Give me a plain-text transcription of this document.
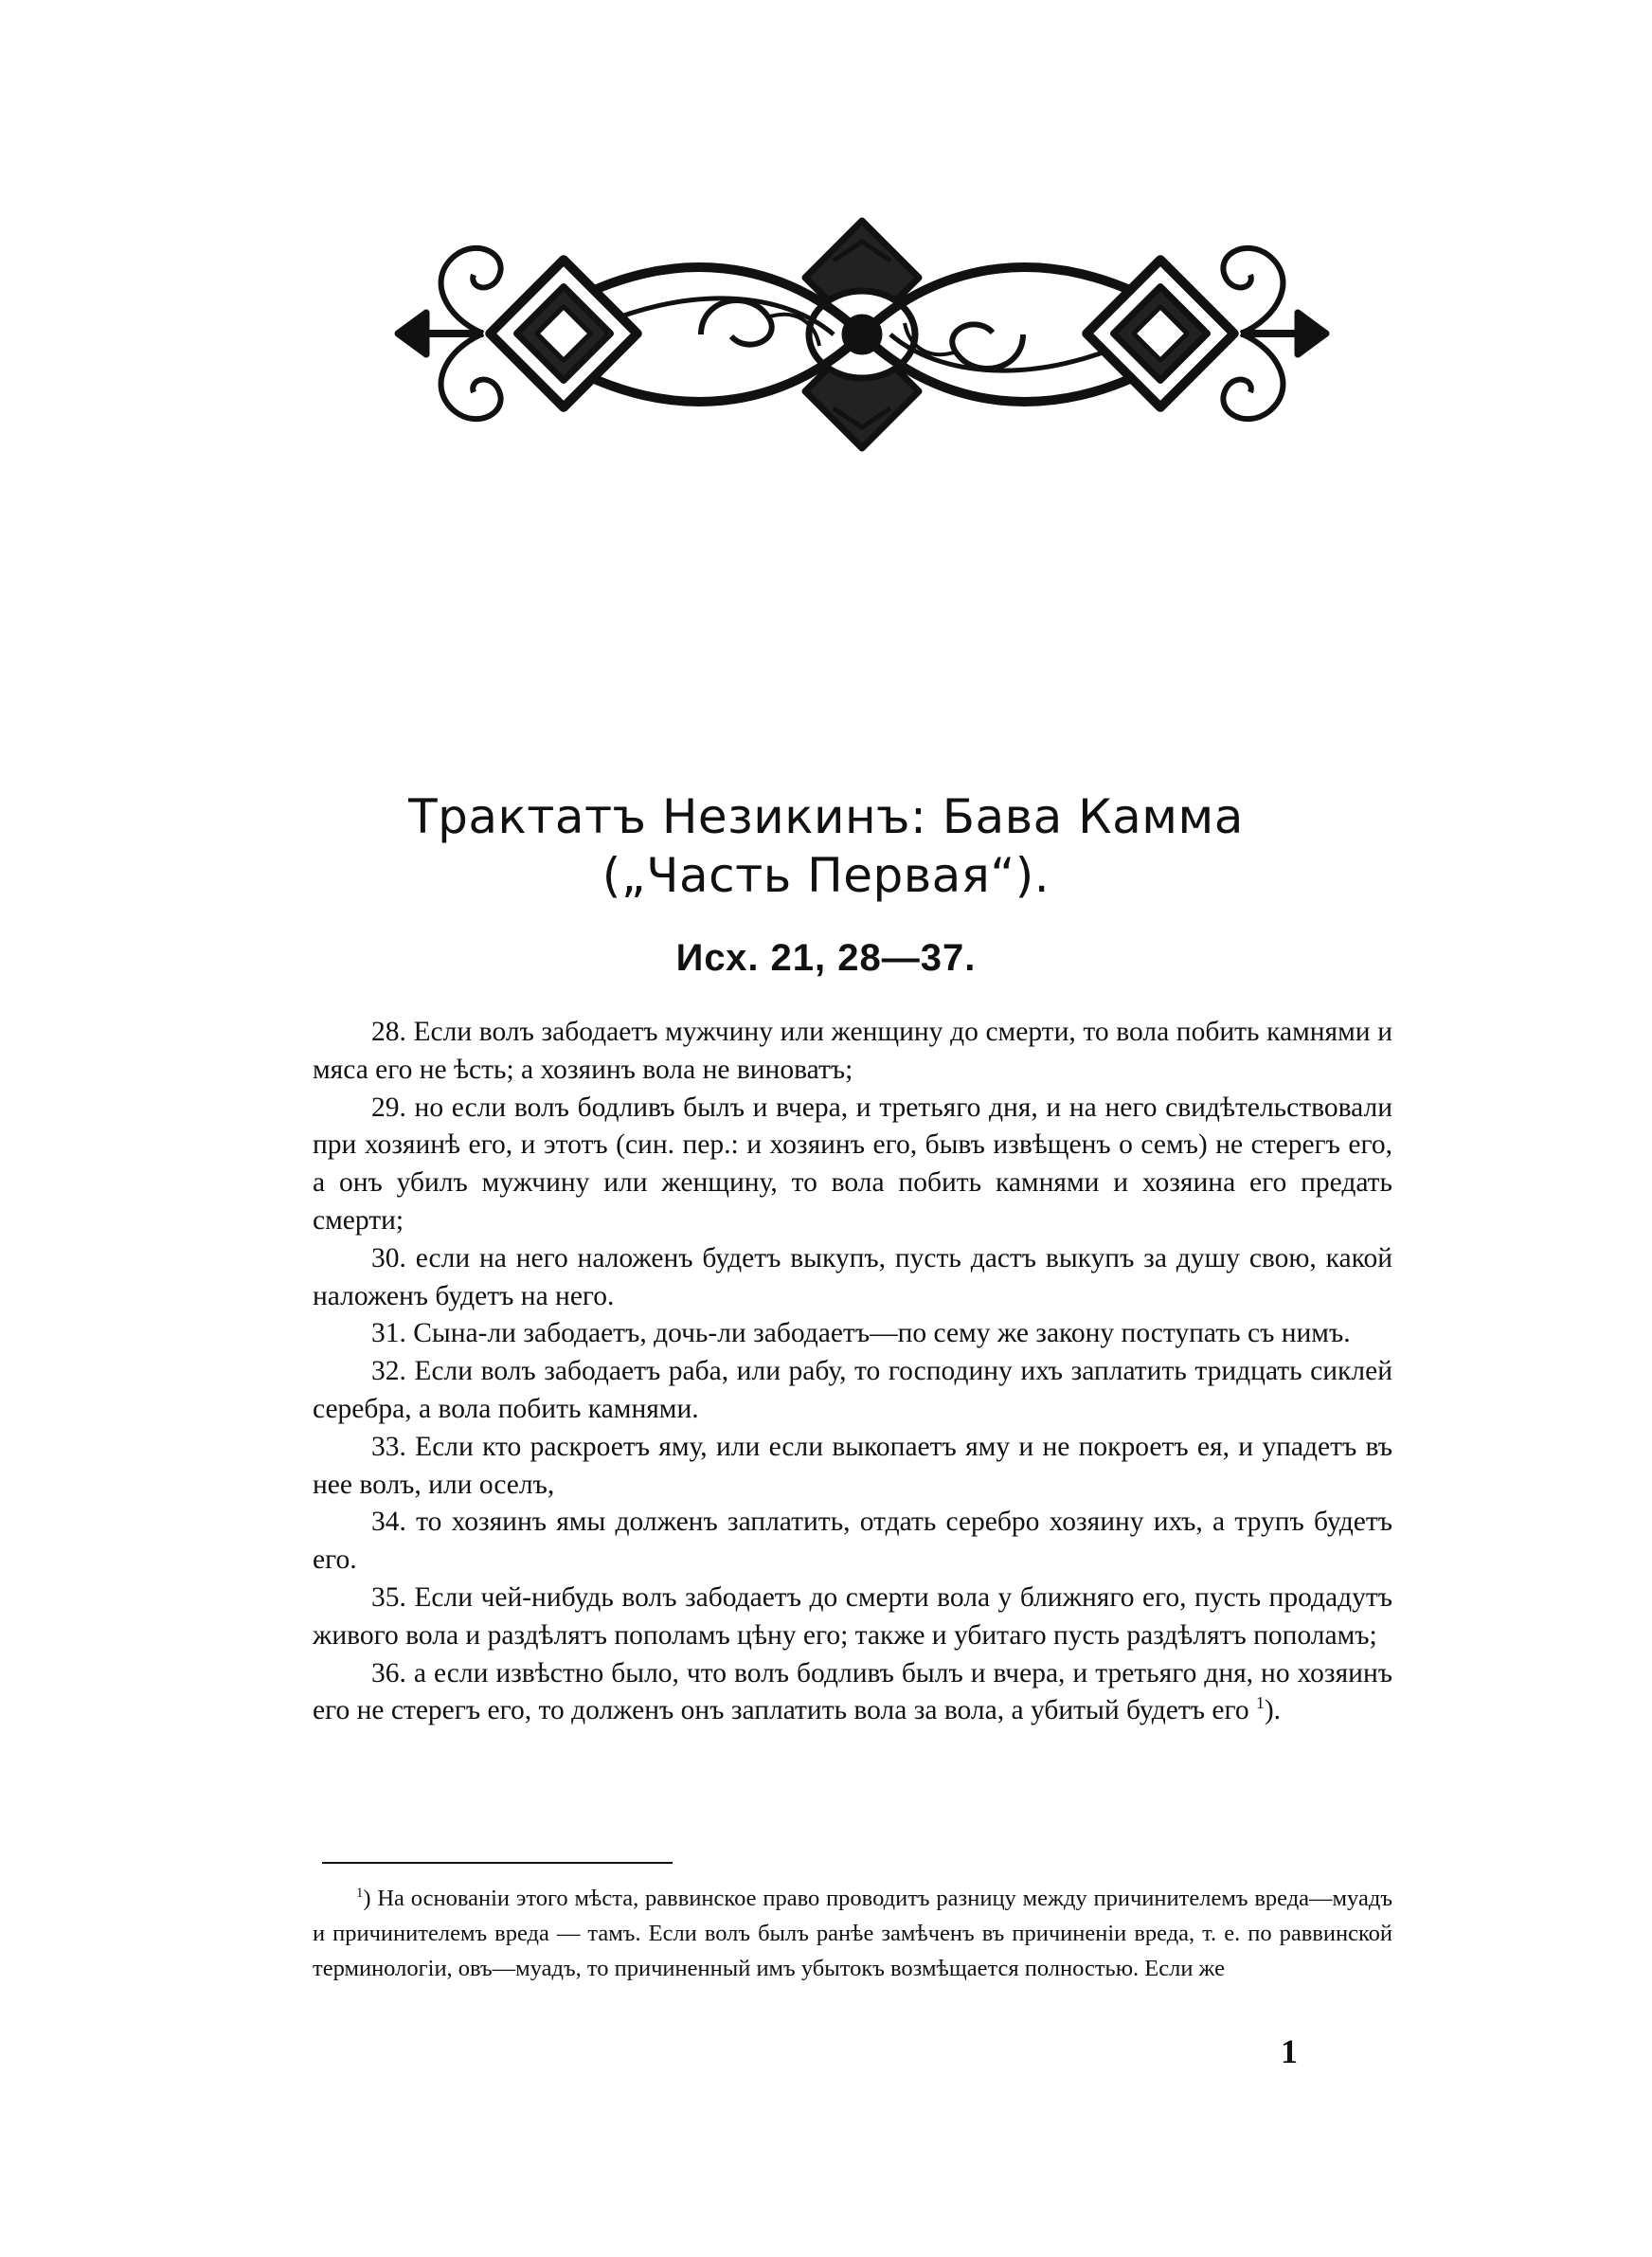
Трактатъ Незикинъ: Бава Камма
(„Часть Первая“).
Исх. 21, 28—37.

28. Если волъ забодаетъ мужчину или женщину до смерти, то вола побить камнями и мяса его не ѣсть; а хозяинъ вола не виноватъ;

29. но если волъ бодливъ былъ и вчера, и третьяго дня, и на него свидѣтельствовали при хозяинѣ его, и этотъ (син. пер.: и хозяинъ его, бывъ извѣщенъ о семъ) не стерегъ его, а онъ убилъ мужчину или женщину, то вола побить камнями и хозяина его предать смерти;

30. если на него наложенъ будетъ выкупъ, пусть дастъ выкупъ за душу свою, какой наложенъ будетъ на него.

31. Сына-ли забодаетъ, дочь-ли забодаетъ—по сему же закону поступать съ нимъ.

32. Если волъ забодаетъ раба, или рабу, то господину ихъ заплатить тридцать сиклей серебра, а вола побить камнями.

33. Если кто раскроетъ яму, или если выкопаетъ яму и не покроетъ ея, и упадетъ въ нее волъ, или оселъ,

34. то хозяинъ ямы долженъ заплатить, отдать серебро хозяину ихъ, а трупъ будетъ его.

35. Если чей-нибудь волъ забодаетъ до смерти вола у ближняго его, пусть продадутъ живого вола и раздѣлятъ пополамъ цѣну его; также и убитаго пусть раздѣлятъ пополамъ;

36. а если извѣстно было, что волъ бодливъ былъ и вчера, и третьяго дня, но хозяинъ его не стерегъ его, то долженъ онъ заплатить вола за вола, а убитый будетъ его $^1$).

$^1$) На основаніи этого мѣста, раввинское право проводитъ разницу между причинителемъ вреда—муадъ и причинителемъ вреда — тамъ. Если волъ былъ ранѣе замѣченъ въ причиненіи вреда, т. е. по раввинской терминологіи, овъ—муадъ, то причиненный имъ убытокъ возмѣщается полностью. Если же

1
